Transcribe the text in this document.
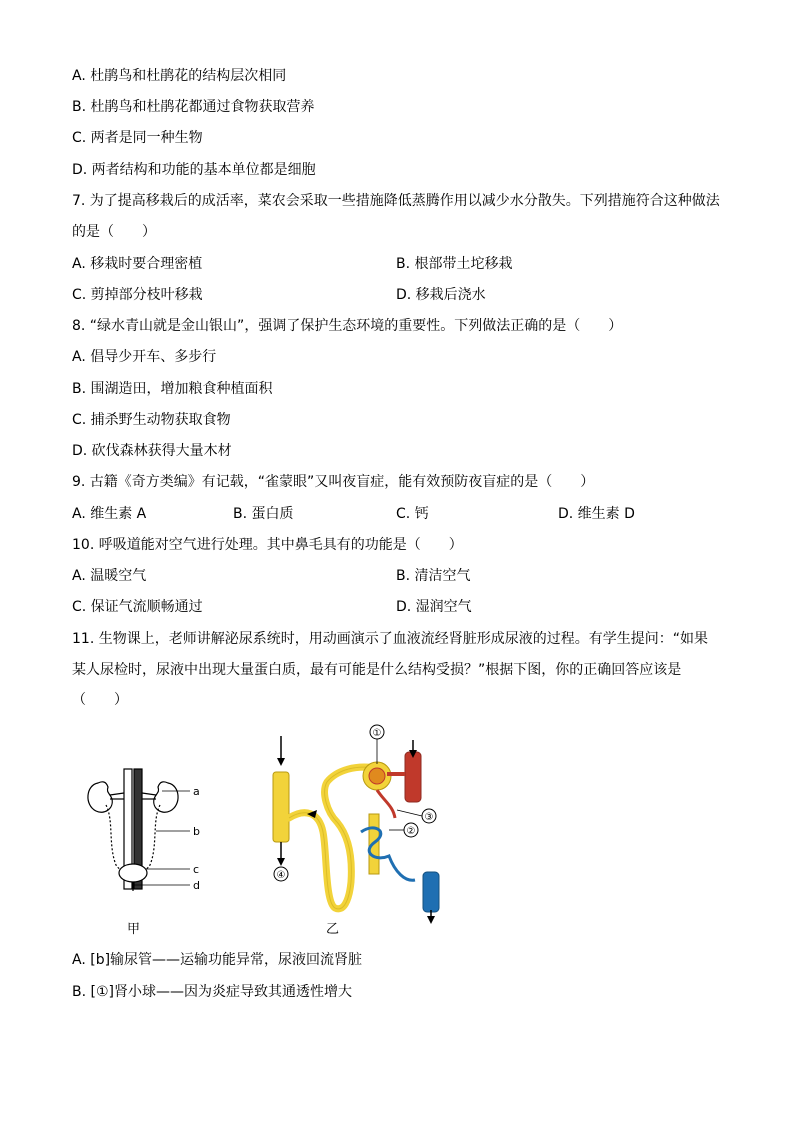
A. 杜鹃鸟和杜鹃花的结构层次相同
B. 杜鹃鸟和杜鹃花都通过食物获取营养
C. 两者是同一种生物
D. 两者结构和功能的基本单位都是细胞
7. 为了提高移栽后的成活率，菜农会采取一些措施降低蒸腾作用以减少水分散失。下列措施符合这种做法
的是（　　）
A. 移栽时要合理密植	B. 根部带土坨移栽
C. 剪掉部分枝叶移栽	D. 移栽后浇水
8. “绿水青山就是金山银山”，强调了保护生态环境的重要性。下列做法正确的是（　　）
A. 倡导少开车、多步行
B. 围湖造田，增加粮食种植面积
C. 捕杀野生动物获取食物
D. 砍伐森林获得大量木材
9. 古籍《奇方类编》有记载，“雀蒙眼”又叫夜盲症，能有效预防夜盲症的是（　　）
A. 维生素 A	B. 蛋白质	C. 钙	D. 维生素 D
10. 呼吸道能对空气进行处理。其中鼻毛具有的功能是（　　）
A. 温暖空气	B. 清洁空气
C. 保证气流顺畅通过	D. 湿润空气
11. 生物课上，老师讲解泌尿系统时，用动画演示了血液流经肾脏形成尿液的过程。有学生提问：“如果
某人尿检时，尿液中出现大量蛋白质，最有可能是什么结构受损？”根据下图，你的正确回答应该是
（　　）
a
b
c
d
甲
④
①
③
②
乙
A. [b]输尿管——运输功能异常，尿液回流肾脏
B. [①]肾小球——因为炎症导致其通透性增大
